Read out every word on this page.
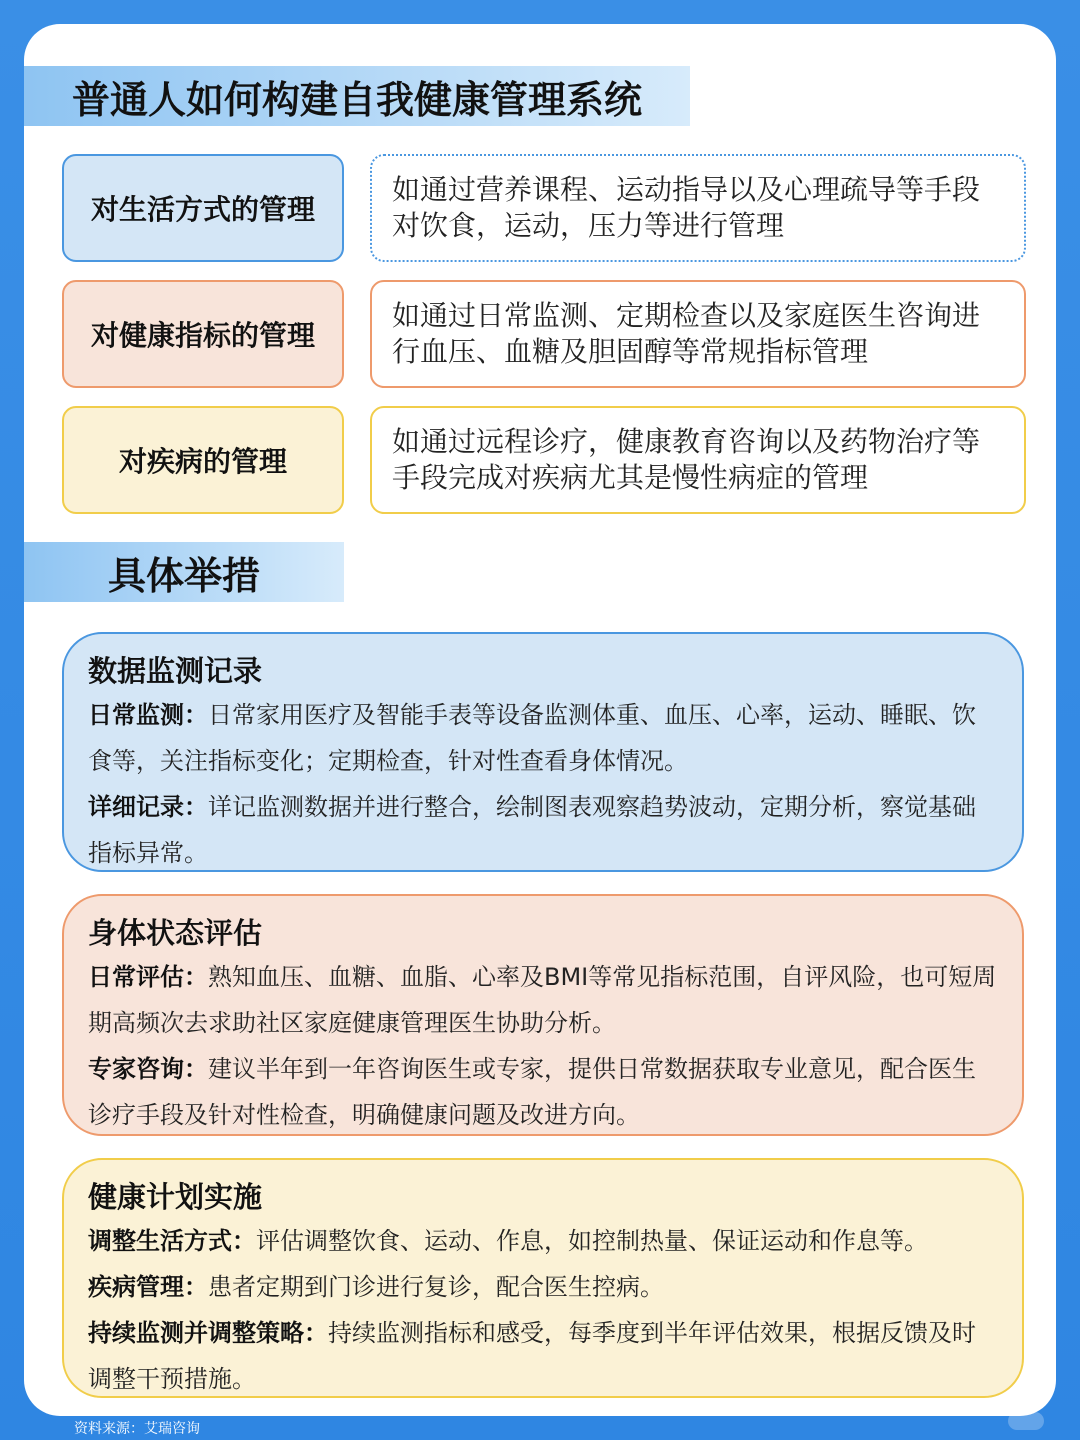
普通人如何构建自我健康管理系统
对生活方式的管理
如通过营养课程、运动指导以及心理疏导等手段对饮食，运动，压力等进行管理
对健康指标的管理
如通过日常监测、定期检查以及家庭医生咨询进行血压、血糖及胆固醇等常规指标管理
对疾病的管理
如通过远程诊疗，健康教育咨询以及药物治疗等手段完成对疾病尤其是慢性病症的管理
具体举措
数据监测记录

日常监测：日常家用医疗及智能手表等设备监测体重、血压、心率，运动、睡眠、饮食等，关注指标变化；定期检查，针对性查看身体情况。

详细记录：详记监测数据并进行整合，绘制图表观察趋势波动，定期分析，察觉基础指标异常。

身体状态评估

日常评估：熟知血压、血糖、血脂、心率及BMI等常见指标范围，自评风险，也可短周期高频次去求助社区家庭健康管理医生协助分析。

专家咨询：建议半年到一年咨询医生或专家，提供日常数据获取专业意见，配合医生诊疗手段及针对性检查，明确健康问题及改进方向。

健康计划实施

调整生活方式：评估调整饮食、运动、作息，如控制热量、保证运动和作息等。

疾病管理：患者定期到门诊进行复诊，配合医生控病。

持续监测并调整策略：持续监测指标和感受，每季度到半年评估效果，根据反馈及时调整干预措施。

资料来源：艾瑞咨询
